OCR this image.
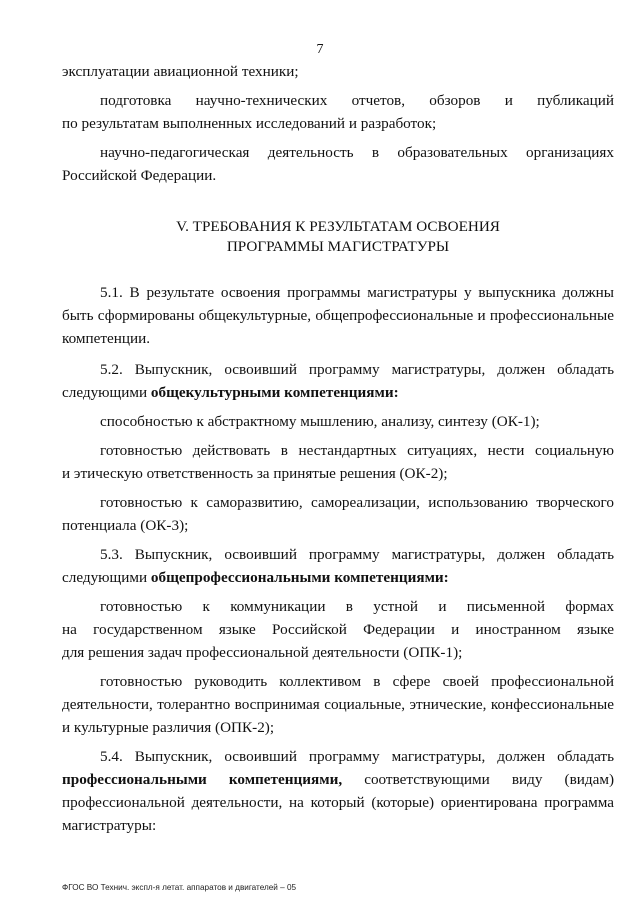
7

эксплуатации авиационной техники;

подготовка научно-технических отчетов, обзоров и публикаций
по результатам выполненных исследований и разработок;

научно-педагогическая деятельность в образовательных организациях
Российской Федерации.

V. ТРЕБОВАНИЯ К РЕЗУЛЬТАТАМ ОСВОЕНИЯ
ПРОГРАММЫ МАГИСТРАТУРЫ

5.1. В результате освоения программы магистратуры у выпускника должны
быть сформированы общекультурные, общепрофессиональные и профессиональные
компетенции.

5.2. Выпускник, освоивший программу магистратуры, должен обладать
следующими общекультурными компетенциями:

способностью к абстрактному мышлению, анализу, синтезу (ОК-1);

готовностью действовать в нестандартных ситуациях, нести социальную
и этическую ответственность за принятые решения (ОК-2);

готовностью к саморазвитию, самореализации, использованию творческого
потенциала (ОК-3);

5.3. Выпускник, освоивший программу магистратуры, должен обладать
следующими общепрофессиональными компетенциями:

готовностью к коммуникации в устной и письменной формах
на государственном языке Российской Федерации и иностранном языке
для решения задач профессиональной деятельности (ОПК-1);

готовностью руководить коллективом в сфере своей профессиональной
деятельности, толерантно воспринимая социальные, этнические, конфессиональные
и культурные различия (ОПК-2);

5.4. Выпускник, освоивший программу магистратуры, должен обладать
профессиональными компетенциями, соответствующими виду (видам)
профессиональной деятельности, на который (которые) ориентирована программа
магистратуры:

ФГОС ВО Технич. экспл-я летат. аппаратов и двигателей – 05
